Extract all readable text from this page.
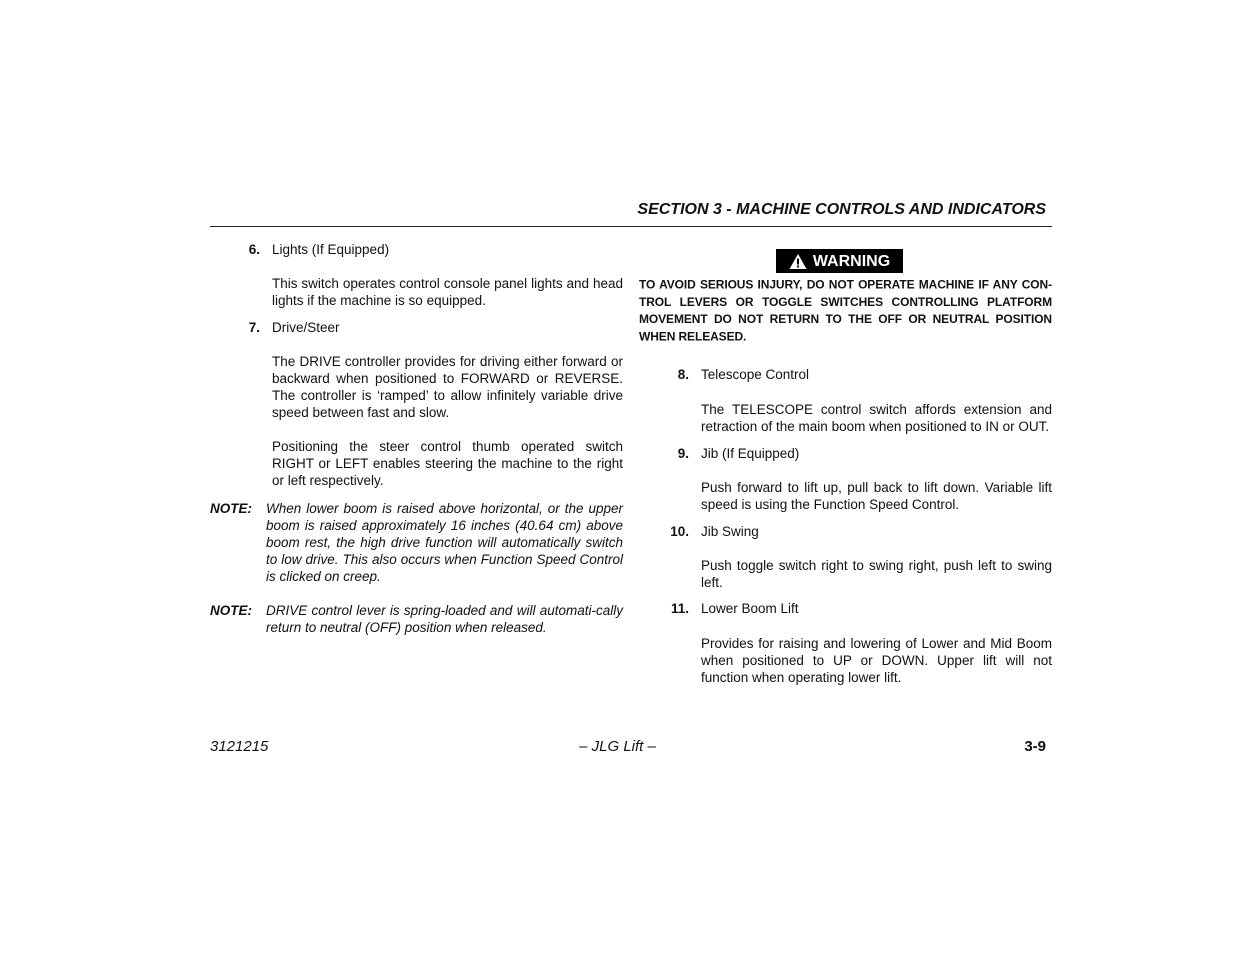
SECTION 3 - MACHINE CONTROLS AND INDICATORS
6. Lights (If Equipped)

This switch operates control console panel lights and head lights if the machine is so equipped.

7. Drive/Steer

The DRIVE controller provides for driving either forward or backward when positioned to FORWARD or REVERSE. The controller is ‘ramped’ to allow infinitely variable drive speed between fast and slow.

Positioning the steer control thumb operated switch RIGHT or LEFT enables steering the machine to the right or left respectively.

NOTE: When lower boom is raised above horizontal, or the upper boom is raised approximately 16 inches (40.64 cm) above boom rest, the high drive function will automatically switch to low drive. This also occurs when Function Speed Control is clicked on creep.
NOTE: DRIVE control lever is spring-loaded and will automati-cally return to neutral (OFF) position when released.
WARNING
TO AVOID SERIOUS INJURY, DO NOT OPERATE MACHINE IF ANY CON-TROL LEVERS OR TOGGLE SWITCHES CONTROLLING PLATFORM MOVEMENT DO NOT RETURN TO THE OFF OR NEUTRAL POSITION WHEN RELEASED.
8. Telescope Control

The TELESCOPE control switch affords extension and retraction of the main boom when positioned to IN or OUT.

9. Jib (If Equipped)

Push forward to lift up, pull back to lift down. Variable lift speed is using the Function Speed Control.

10. Jib Swing

Push toggle switch right to swing right, push left to swing left.

11. Lower Boom Lift

Provides for raising and lowering of Lower and Mid Boom when positioned to UP or DOWN. Upper lift will not function when operating lower lift.

3121215	– JLG Lift –	3-9
